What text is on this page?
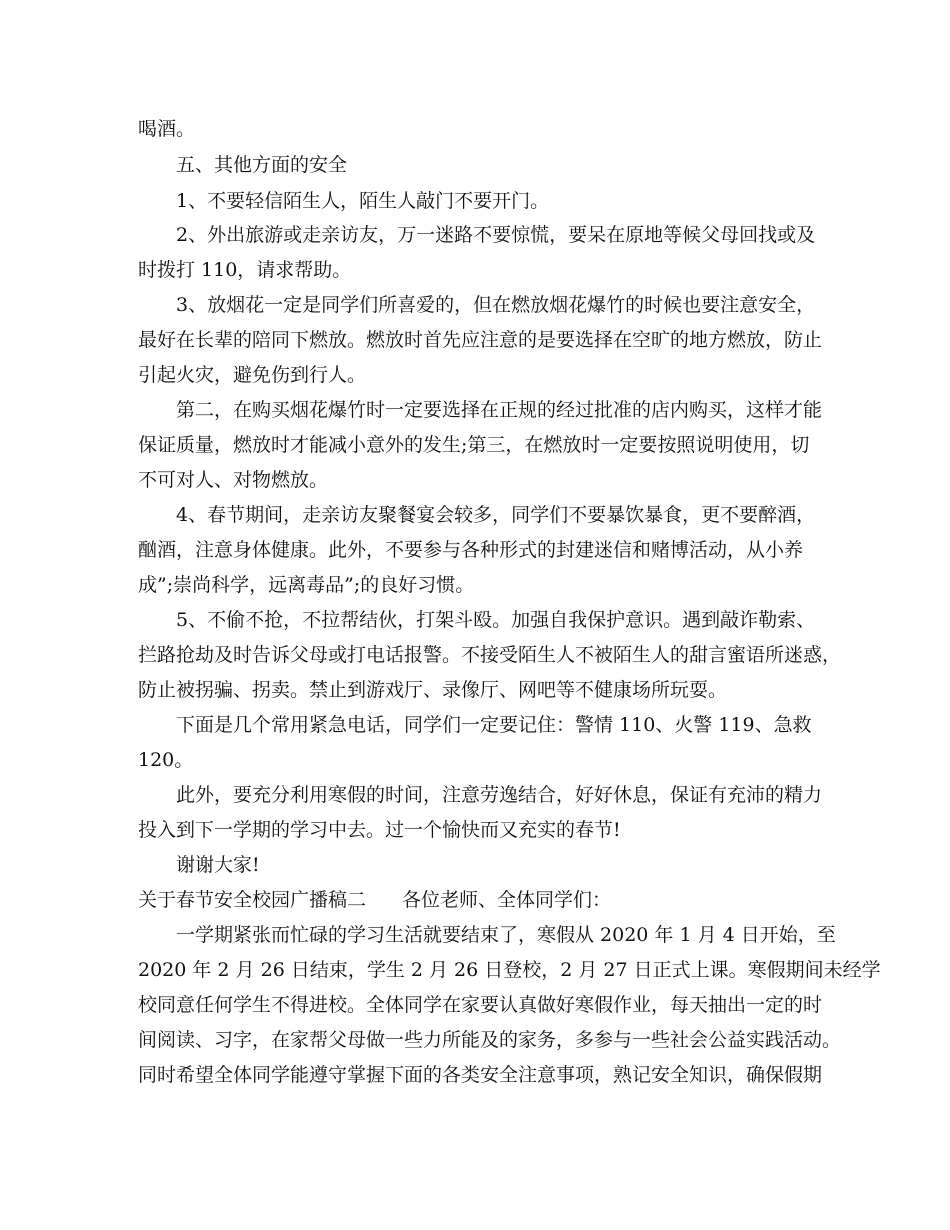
喝酒。
五、其他方面的安全
1、不要轻信陌生人，陌生人敲门不要开门。
2、外出旅游或走亲访友，万一迷路不要惊慌，要呆在原地等候父母回找或及
时拨打 110，请求帮助。
3、放烟花一定是同学们所喜爱的，但在燃放烟花爆竹的时候也要注意安全，
最好在长辈的陪同下燃放。燃放时首先应注意的是要选择在空旷的地方燃放，防止
引起火灾，避免伤到行人。
第二，在购买烟花爆竹时一定要选择在正规的经过批准的店内购买，这样才能
保证质量，燃放时才能减小意外的发生;第三，在燃放时一定要按照说明使用，切
不可对人、对物燃放。
4、春节期间，走亲访友聚餐宴会较多，同学们不要暴饮暴食，更不要醉酒，
酗酒，注意身体健康。此外，不要参与各种形式的封建迷信和赌博活动，从小养
成”;崇尚科学，远离毒品”;的良好习惯。
5、不偷不抢，不拉帮结伙，打架斗殴。加强自我保护意识。遇到敲诈勒索、
拦路抢劫及时告诉父母或打电话报警。不接受陌生人不被陌生人的甜言蜜语所迷惑，
防止被拐骗、拐卖。禁止到游戏厅、录像厅、网吧等不健康场所玩耍。
下面是几个常用紧急电话，同学们一定要记住：警情 110、火警 119、急救
120。
此外，要充分利用寒假的时间，注意劳逸结合，好好休息，保证有充沛的精力
投入到下一学期的学习中去。过一个愉快而又充实的春节!
谢谢大家!
关于春节安全校园广播稿二 各位老师、全体同学们：
一学期紧张而忙碌的学习生活就要结束了，寒假从 2020 年 1 月 4 日开始，至
2020 年 2 月 26 日结束，学生 2 月 26 日登校，2 月 27 日正式上课。寒假期间未经学
校同意任何学生不得进校。全体同学在家要认真做好寒假作业，每天抽出一定的时
间阅读、习字，在家帮父母做一些力所能及的家务，多参与一些社会公益实践活动。
同时希望全体同学能遵守掌握下面的各类安全注意事项，熟记安全知识，确保假期
